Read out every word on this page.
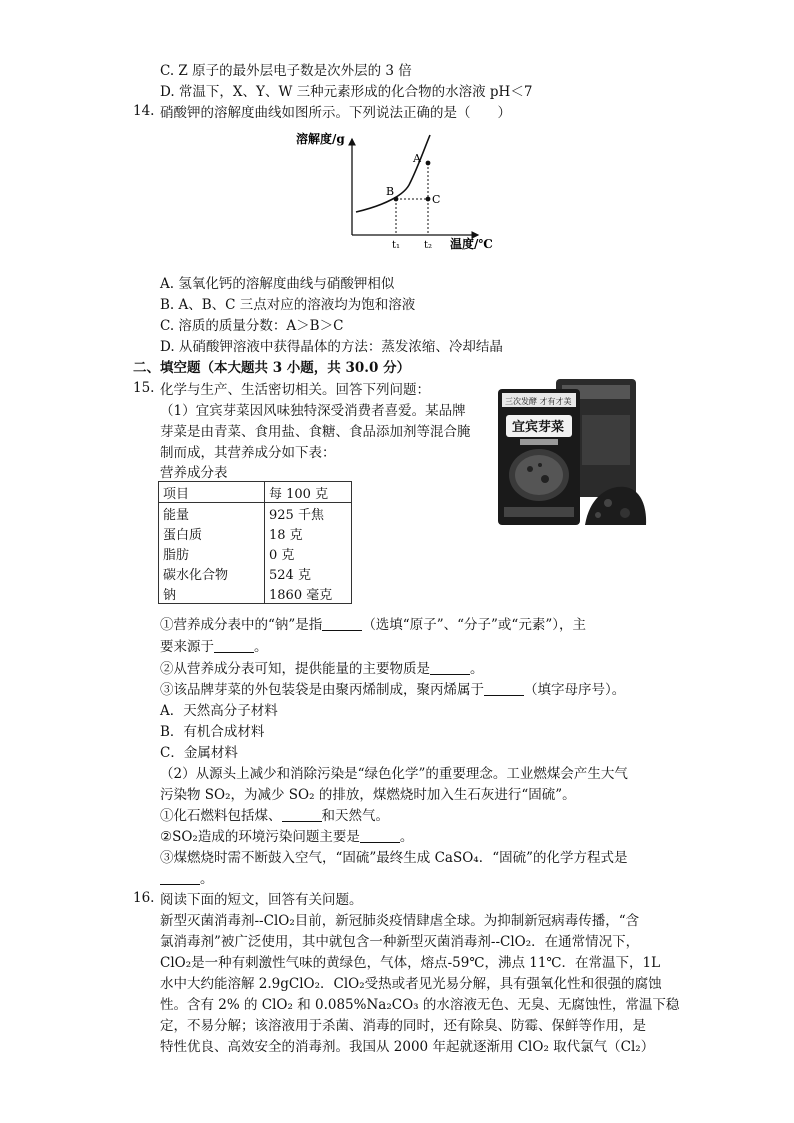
C. Z 原子的最外层电子数是次外层的 3 倍
D. 常温下，X、Y、W 三种元素形成的化合物的水溶液 pH＜7
14. 硝酸钾的溶解度曲线如图所示。下列说法正确的是（　　）
溶解度/g
温度/℃
A
B
C
t₁ t₂
A. 氢氧化钙的溶解度曲线与硝酸钾相似
B. A、B、C 三点对应的溶液均为饱和溶液
C. 溶质的质量分数：A＞B＞C
D. 从硝酸钾溶液中获得晶体的方法：蒸发浓缩、冷却结晶
二、填空题（本大题共 3 小题，共 30.0 分）
15. 化学与生产、生活密切相关。回答下列问题：
（1）宜宾芽菜因风味独特深受消费者喜爱。某品牌
芽菜是由青菜、食用盐、食糖、食品添加剂等混合腌
制而成，其营养成分如下表：
营养成分表
项目	每 100 克
能量	925 千焦
蛋白质	18 克
脂肪	0 克
碳水化合物	524 克
钠	1860 毫克
三次发酵 才有才美
宜宾芽菜
①营养成分表中的“钠”是指	（选填“原子”、“分子”或“元素”），主
要来源于	。
②从营养成分表可知，提供能量的主要物质是	。
③该品牌芽菜的外包装袋是由聚丙烯制成，聚丙烯属于	（填字母序号）。
A．天然高分子材料
B．有机合成材料
C．金属材料
（2）从源头上减少和消除污染是“绿色化学”的重要理念。工业燃煤会产生大气
污染物 SO₂，为减少 SO₂ 的排放，煤燃烧时加入生石灰进行“固硫”。
①化石燃料包括煤、	和天然气。
②SO₂造成的环境污染问题主要是	。
③煤燃烧时需不断鼓入空气，“固硫”最终生成 CaSO₄．“固硫”的化学方程式是
。
16. 阅读下面的短文，回答有关问题。
新型灭菌消毒剂--ClO₂目前，新冠肺炎疫情肆虐全球。为抑制新冠病毒传播，“含
氯消毒剂”被广泛使用，其中就包含一种新型灭菌消毒剂--ClO₂．在通常情况下，
ClO₂是一种有刺激性气味的黄绿色，气体，熔点-59℃，沸点 11℃．在常温下，1L
水中大约能溶解 2.9gClO₂．ClO₂受热或者见光易分解，具有强氧化性和很强的腐蚀
性。含有 2% 的 ClO₂ 和 0.085%Na₂CO₃ 的水溶液无色、无臭、无腐蚀性，常温下稳
定，不易分解；该溶液用于杀菌、消毒的同时，还有除臭、防霉、保鲜等作用，是
特性优良、高效安全的消毒剂。我国从 2000 年起就逐渐用 ClO₂ 取代氯气（Cl₂）
